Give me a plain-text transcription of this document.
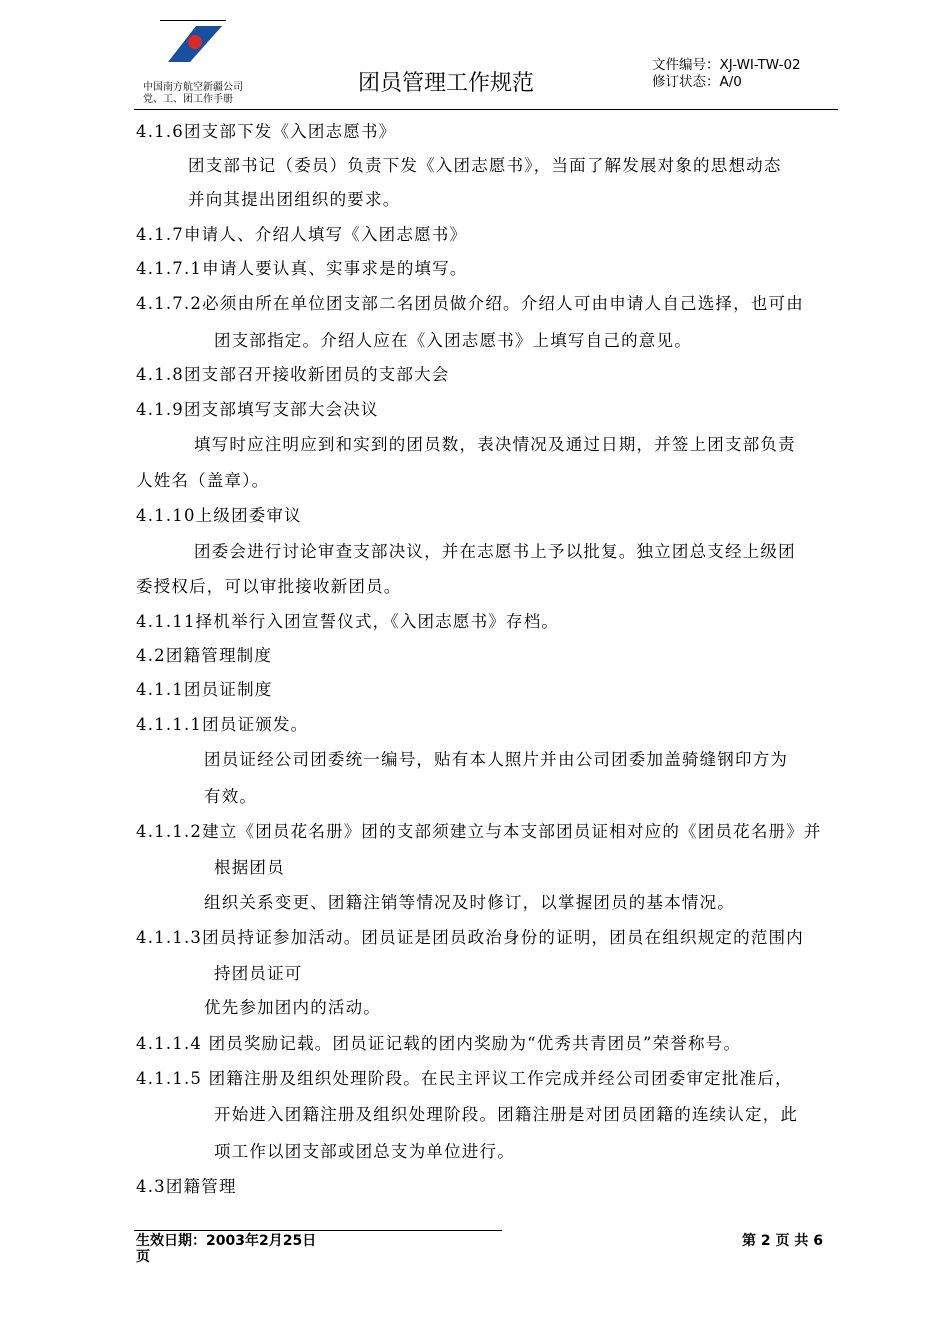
中国南方航空新疆公司
党、工、团工作手册
团员管理工作规范
文件编号：XJ-WI-TW-02
修订状态：A/0
4.1.6团支部下发《入团志愿书》
团支部书记（委员）负责下发《入团志愿书》，当面了解发展对象的思想动态
并向其提出团组织的要求。
4.1.7申请人、介绍人填写《入团志愿书》
4.1.7.1申请人要认真、实事求是的填写。
4.1.7.2必须由所在单位团支部二名团员做介绍。介绍人可由申请人自己选择，也可由
团支部指定。介绍人应在《入团志愿书》上填写自己的意见。
4.1.8团支部召开接收新团员的支部大会
4.1.9团支部填写支部大会决议
填写时应注明应到和实到的团员数，表决情况及通过日期，并签上团支部负责
人姓名（盖章）。
4.1.10上级团委审议
团委会进行讨论审查支部决议，并在志愿书上予以批复。独立团总支经上级团
委授权后，可以审批接收新团员。
4.1.11择机举行入团宣誓仪式，《入团志愿书》存档。
4.2团籍管理制度
4.1.1团员证制度
4.1.1.1团员证颁发。
团员证经公司团委统一编号，贴有本人照片并由公司团委加盖骑缝钢印方为
有效。
4.1.1.2建立《团员花名册》团的支部须建立与本支部团员证相对应的《团员花名册》并
根据团员
组织关系变更、团籍注销等情况及时修订，以掌握团员的基本情况。
4.1.1.3团员持证参加活动。团员证是团员政治身份的证明，团员在组织规定的范围内
持团员证可
优先参加团内的活动。
4.1.1.4 团员奖励记载。团员证记载的团内奖励为“优秀共青团员”荣誉称号。
4.1.1.5 团籍注册及组织处理阶段。在民主评议工作完成并经公司团委审定批准后，
开始进入团籍注册及组织处理阶段。团籍注册是对团员团籍的连续认定，此
项工作以团支部或团总支为单位进行。
4.3团籍管理
生效日期：2003年2月25日
页
第 2 页 共 6
